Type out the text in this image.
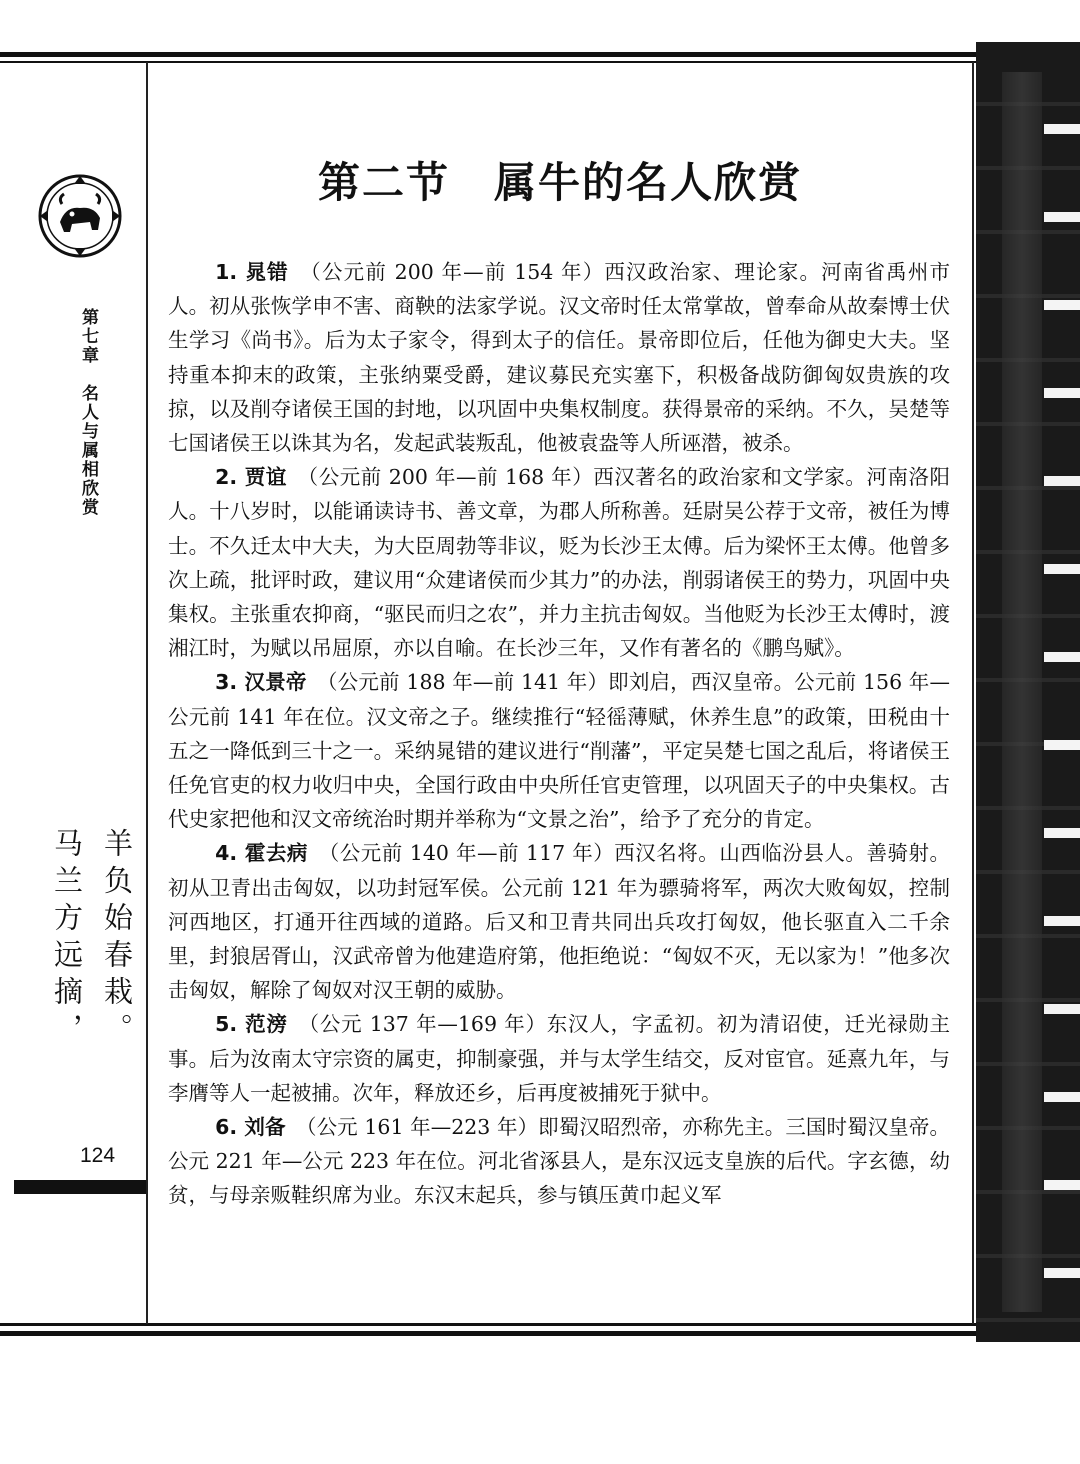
第七章　名人与属相欣赏
羊负始春栽。
马兰方远摘，
124
第二节　属牛的名人欣赏

1. 晁错　 （公元前 200 年—前 154 年）西汉政治家、理论家。河南省禹州市人。初从张恢学申不害、商鞅的法家学说。汉文帝时任太常掌故，曾奉命从故秦博士伏生学习《尚书》。后为太子家令，得到太子的信任。景帝即位后，任他为御史大夫。坚持重本抑末的政策，主张纳粟受爵，建议募民充实塞下，积极备战防御匈奴贵族的攻掠，以及削夺诸侯王国的封地，以巩固中央集权制度。获得景帝的采纳。不久，吴楚等七国诸侯王以诛其为名，发起武装叛乱，他被袁盎等人所诬潜，被杀。

2. 贾谊　 （公元前 200 年—前 168 年）西汉著名的政治家和文学家。河南洛阳人。十八岁时，以能诵读诗书、善文章，为郡人所称善。廷尉吴公荐于文帝，被任为博士。不久迁太中大夫，为大臣周勃等非议，贬为长沙王太傅。后为梁怀王太傅。他曾多次上疏，批评时政，建议用“众建诸侯而少其力”的办法，削弱诸侯王的势力，巩固中央集权。主张重农抑商，“驱民而归之农”，并力主抗击匈奴。当他贬为长沙王太傅时，渡湘江时，为赋以吊屈原，亦以自喻。在长沙三年，又作有著名的《鹏鸟赋》。

3. 汉景帝　 （公元前 188 年—前 141 年）即刘启，西汉皇帝。公元前 156 年—公元前 141 年在位。汉文帝之子。继续推行“轻徭薄赋，休养生息”的政策，田税由十五之一降低到三十之一。采纳晁错的建议进行“削藩”，平定吴楚七国之乱后，将诸侯王任免官吏的权力收归中央，全国行政由中央所任官吏管理，以巩固天子的中央集权。古代史家把他和汉文帝统治时期并举称为“文景之治”，给予了充分的肯定。

4. 霍去病　 （公元前 140 年—前 117 年）西汉名将。山西临汾县人。善骑射。初从卫青出击匈奴，以功封冠军侯。公元前 121 年为骠骑将军，两次大败匈奴，控制河西地区，打通开往西域的道路。后又和卫青共同出兵攻打匈奴，他长驱直入二千余里，封狼居胥山，汉武帝曾为他建造府第，他拒绝说：“匈奴不灭，无以家为！”他多次击匈奴，解除了匈奴对汉王朝的威胁。

5. 范滂　 （公元 137 年—169 年）东汉人，字孟初。初为清诏使，迁光禄勋主事。后为汝南太守宗资的属吏，抑制豪强，并与太学生结交，反对宦官。延熹九年，与李膺等人一起被捕。次年，释放还乡，后再度被捕死于狱中。

6. 刘备　 （公元 161 年—223 年）即蜀汉昭烈帝，亦称先主。三国时蜀汉皇帝。公元 221 年—公元 223 年在位。河北省涿县人，是东汉远支皇族的后代。字玄德，幼贫，与母亲贩鞋织席为业。东汉末起兵，参与镇压黄巾起义军
